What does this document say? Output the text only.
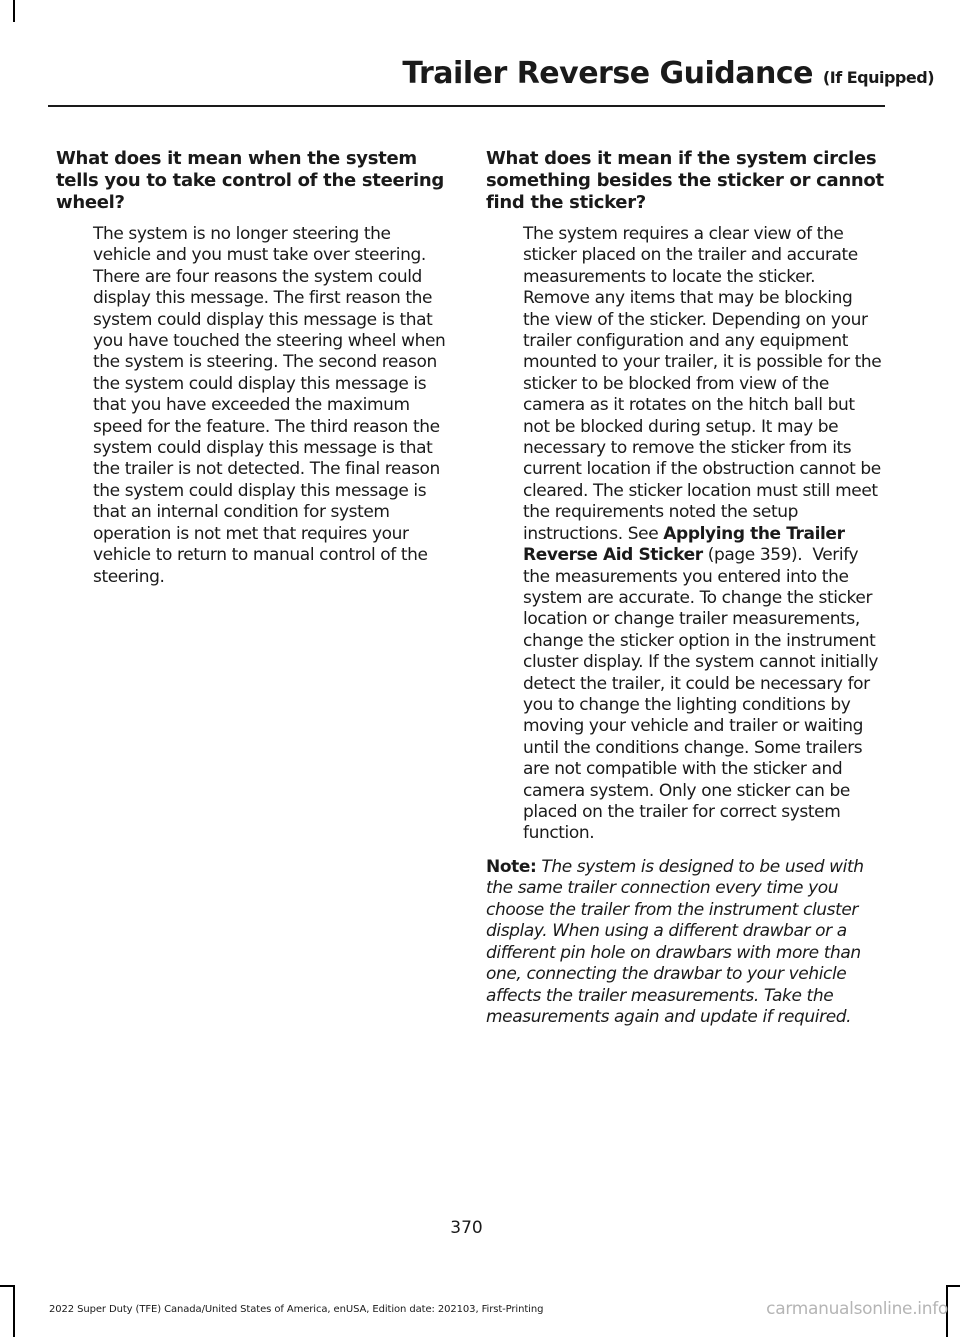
Trailer Reverse Guidance (If Equipped)
What does it mean when the system tells you to take control of the steering wheel?

The system is no longer steering the vehicle and you must take over steering. There are four reasons the system could display this message. The first reason the system could display this message is that you have touched the steering wheel when the system is steering. The second reason the system could display this message is that you have exceeded the maximum speed for the feature. The third reason the system could display this message is that the trailer is not detected. The final reason the system could display this message is that an internal condition for system operation is not met that requires your vehicle to return to manual control of the steering.

What does it mean if the system circles something besides the sticker or cannot find the sticker?

The system requires a clear view of the sticker placed on the trailer and accurate measurements to locate the sticker. Remove any items that may be blocking the view of the sticker. Depending on your trailer configuration and any equipment mounted to your trailer, it is possible for the sticker to be blocked from view of the camera as it rotates on the hitch ball but not be blocked during setup. It may be necessary to remove the sticker from its current location if the obstruction cannot be cleared. The sticker location must still meet the requirements noted the setup instructions. See Applying the Trailer Reverse Aid Sticker (page 359). Verify the measurements you entered into the system are accurate. To change the sticker location or change trailer measurements, change the sticker option in the instrument cluster display. If the system cannot initially detect the trailer, it could be necessary for you to change the lighting conditions by moving your vehicle and trailer or waiting until the conditions change. Some trailers are not compatible with the sticker and camera system. Only one sticker can be placed on the trailer for correct system function.

Note: The system is designed to be used with the same trailer connection every time you choose the trailer from the instrument cluster display. When using a different drawbar or a different pin hole on drawbars with more than one, connecting the drawbar to your vehicle affects the trailer measurements. Take the measurements again and update if required.

370
2022 Super Duty (TFE) Canada/United States of America, enUSA, Edition date: 202103, First-Printing	carmanualsonline.info
